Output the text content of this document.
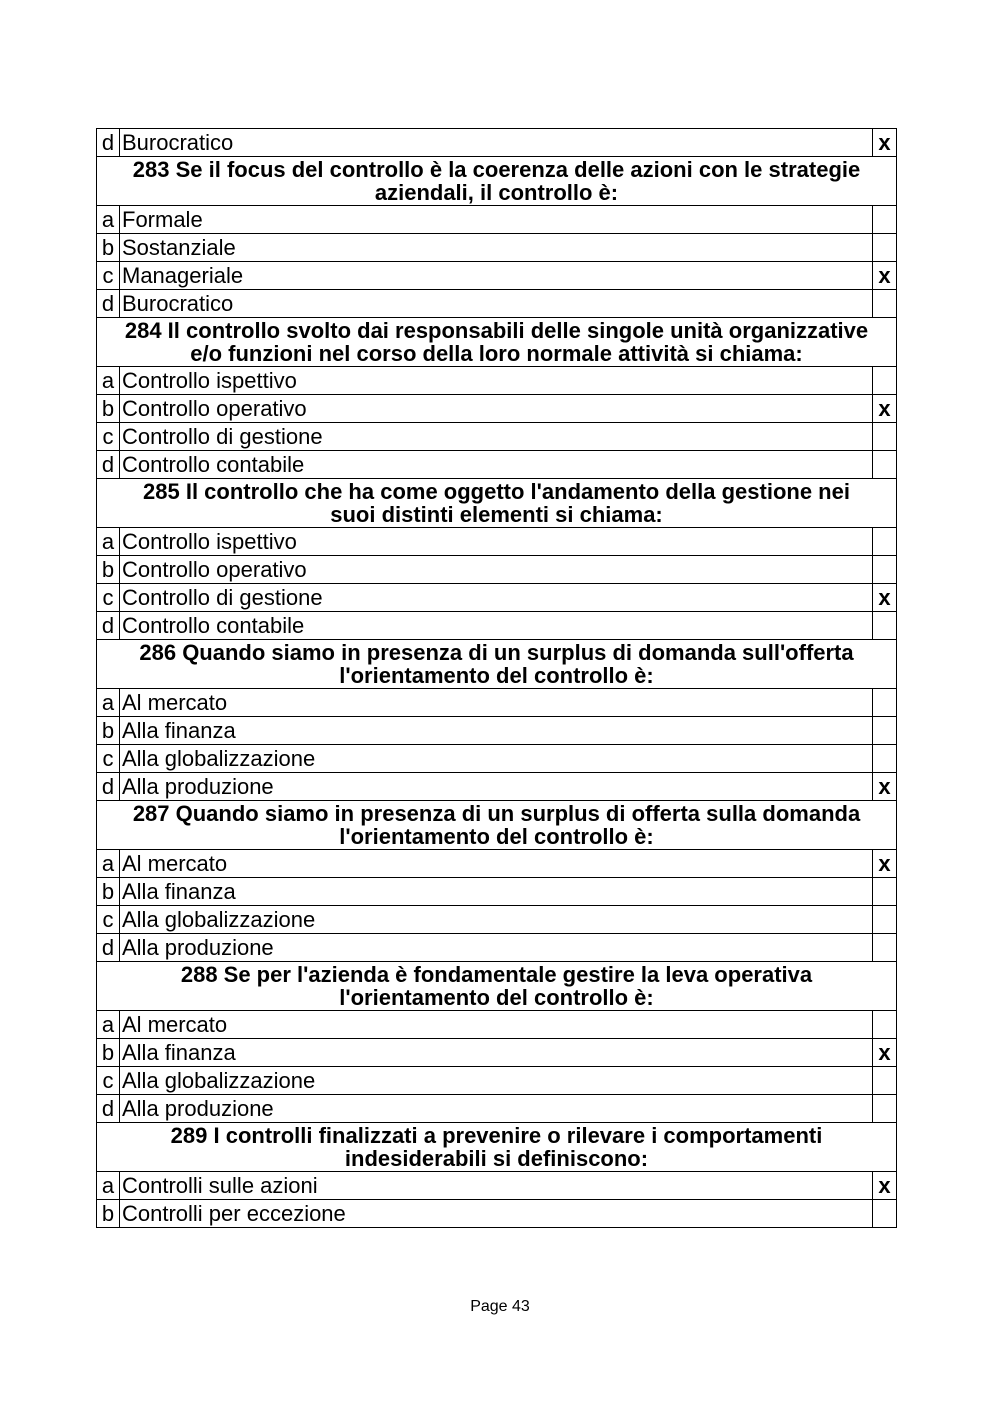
d	Burocratico	x

283 Se il focus del controllo è la coerenza delle azioni con le strategie
aziendali, il controllo è:		

a	Formale	
b	Sostanziale	
c	Manageriale	x
d	Burocratico	

284 Il controllo svolto dai responsabili delle singole unità organizzative
e/o funzioni nel corso della loro normale attività si chiama:		

a	Controllo ispettivo	
b	Controllo operativo	x
c	Controllo di gestione	
d	Controllo contabile	

285 Il controllo che ha come oggetto l'andamento della gestione nei
suoi distinti elementi si chiama:		

a	Controllo ispettivo	
b	Controllo operativo	
c	Controllo di gestione	x
d	Controllo contabile	

286 Quando siamo in presenza di un surplus di domanda sull'offerta
l'orientamento del controllo è:		

a	Al mercato	
b	Alla finanza	
c	Alla globalizzazione	
d	Alla produzione	x

287 Quando siamo in presenza di un surplus di offerta sulla domanda
l'orientamento del controllo è:		

a	Al mercato	x
b	Alla finanza	
c	Alla globalizzazione	
d	Alla produzione	

288 Se per l'azienda è fondamentale gestire la leva operativa
l'orientamento del controllo è:		

a	Al mercato	
b	Alla finanza	x
c	Alla globalizzazione	
d	Alla produzione	

289 I controlli finalizzati a prevenire o rilevare i comportamenti
indesiderabili si definiscono:		

a	Controlli sulle azioni	x
b	Controlli per eccezione	
Page 43
